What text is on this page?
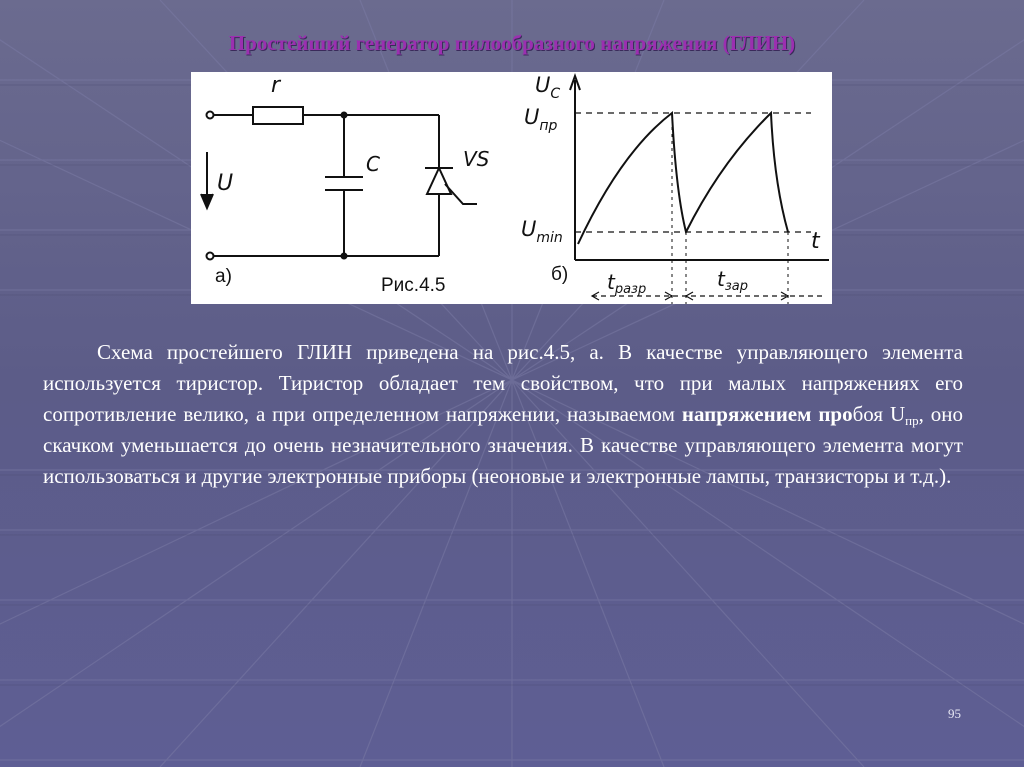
Простейший генератор пилообразного напряжения (ГЛИН)
r
C	VS
U
а)	Рис.4.5
$U_C$
$U_{пр}$
$U_{min}$	t
б) $t_{разр}$	$t_{зар}$
Схема простейшего ГЛИН приведена на рис.4.5, а. В качестве управляющего элемента используется тиристор. Тиристор обладает тем свойством, что при малых напряжениях его сопротивление велико, а при определенном напряжении, называемом напряжением пробоя $U_{пр}$, оно скачком уменьшается до очень незначительного значения. В качестве управляющего элемента могут использоваться и другие электронные приборы (неоновые и электронные лампы, транзисторы и т.д.).
95
